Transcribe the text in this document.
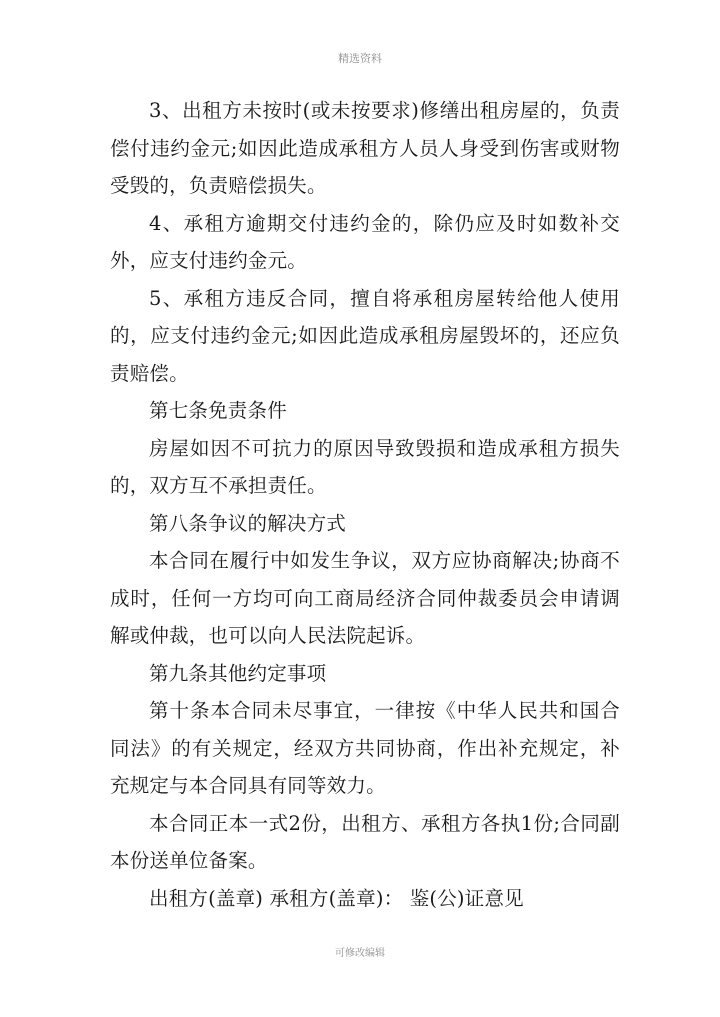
精选资料

3、出租方未按时(或未按要求)修缮出租房屋的，负责偿付违约金元;如因此造成承租方人员人身受到伤害或财物受毁的，负责赔偿损失。

4、承租方逾期交付违约金的，除仍应及时如数补交外，应支付违约金元。

5、承租方违反合同，擅自将承租房屋转给他人使用的，应支付违约金元;如因此造成承租房屋毁坏的，还应负责赔偿。

第七条免责条件

房屋如因不可抗力的原因导致毁损和造成承租方损失的，双方互不承担责任。

第八条争议的解决方式

本合同在履行中如发生争议，双方应协商解决;协商不成时，任何一方均可向工商局经济合同仲裁委员会申请调解或仲裁，也可以向人民法院起诉。

第九条其他约定事项

第十条本合同未尽事宜，一律按《中华人民共和国合同法》的有关规定，经双方共同协商，作出补充规定，补充规定与本合同具有同等效力。

本合同正本一式2份，出租方、承租方各执1份;合同副本份送单位备案。

出租方(盖章) 承租方(盖章)： 鉴(公)证意见

可修改编辑
